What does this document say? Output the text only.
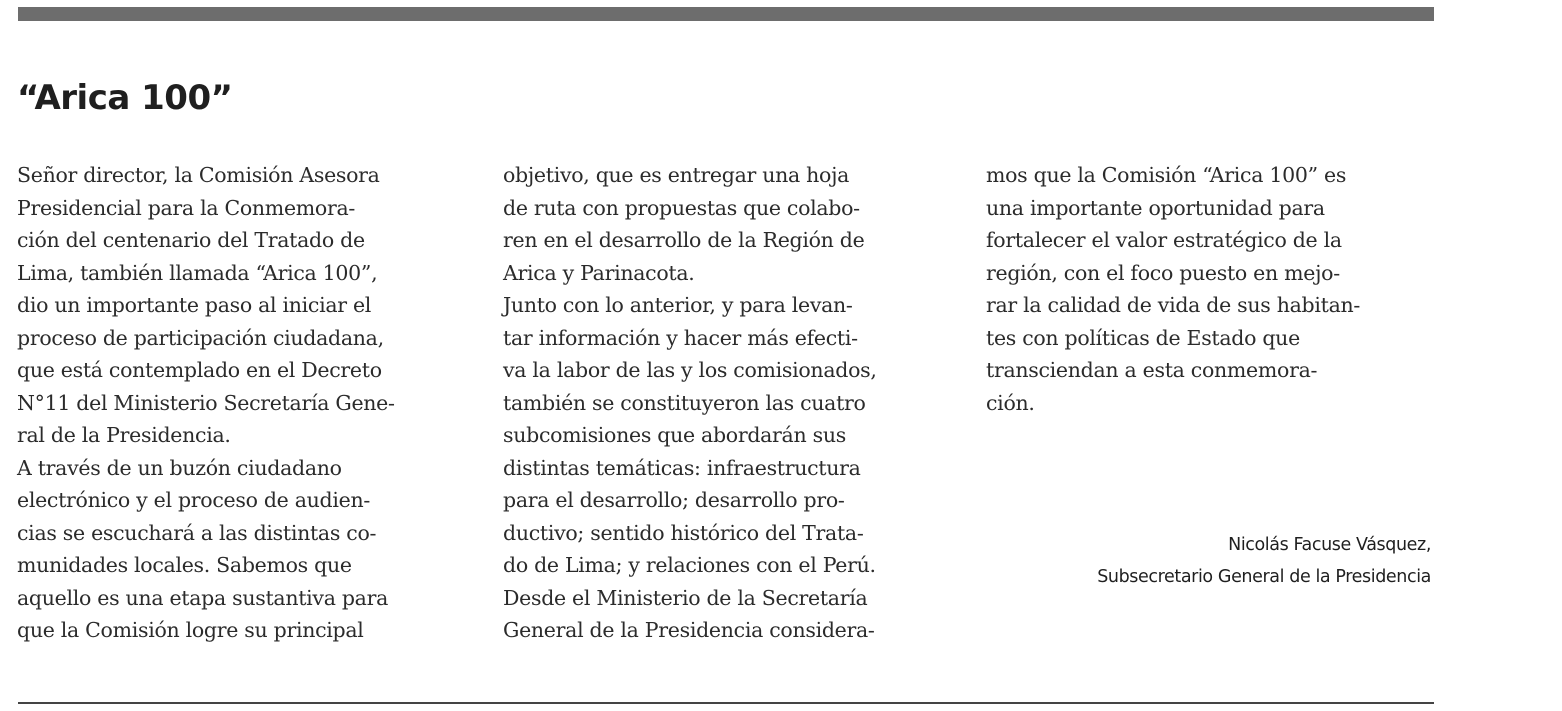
“Arica 100”
Señor director, la Comisión Asesora
Presidencial para la Conmemora-
ción del centenario del Tratado de
Lima, también llamada “Arica 100”,
dio un importante paso al iniciar el
proceso de participación ciudadana,
que está contemplado en el Decreto
N°11 del Ministerio Secretaría Gene-
ral de la Presidencia.
A través de un buzón ciudadano
electrónico y el proceso de audien-
cias se escuchará a las distintas co-
munidades locales. Sabemos que
aquello es una etapa sustantiva para
que la Comisión logre su principal
objetivo, que es entregar una hoja
de ruta con propuestas que colabo-
ren en el desarrollo de la Región de
Arica y Parinacota.
Junto con lo anterior, y para levan-
tar información y hacer más efecti-
va la labor de las y los comisionados,
también se constituyeron las cuatro
subcomisiones que abordarán sus
distintas temáticas: infraestructura
para el desarrollo; desarrollo pro-
ductivo; sentido histórico del Trata-
do de Lima; y relaciones con el Perú.
Desde el Ministerio de la Secretaría
General de la Presidencia considera-
mos que la Comisión “Arica 100” es
una importante oportunidad para
fortalecer el valor estratégico de la
región, con el foco puesto en mejo-
rar la calidad de vida de sus habitan-
tes con políticas de Estado que
transciendan a esta conmemora-
ción.
Nicolás Facuse Vásquez,
Subsecretario General de la Presidencia
